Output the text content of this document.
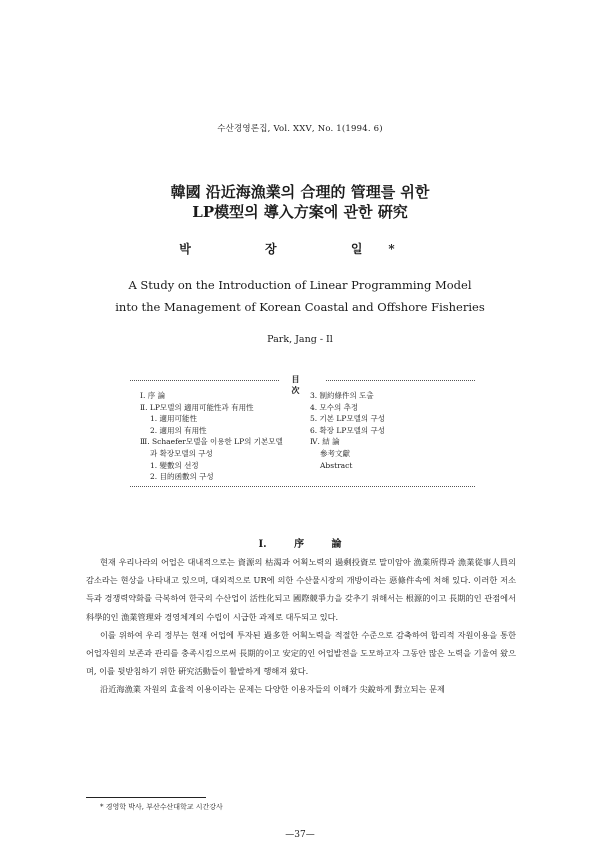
수산경영론집, Vol. ⅩⅩⅤ, No. 1(1994. 6)
韓國 沿近海漁業의 合理的 管理를 위한
LP模型의 導入方案에 관한 硏究
박 장 일*
A Study on the Introduction of Linear Programming Model
into the Management of Korean Coastal and Offshore Fisheries
Park, Jang - Il
目 次
Ⅰ. 序 論
Ⅱ. LP모델의 適用可能性과 有用性
1. 適用可能性
2. 適用의 有用性
Ⅲ. Schaefer모델을 이용한 LP의 기본모델
과 확장모델의 구성
1. 變數의 선정
2. 目的函數의 구성
3. 制約條件의 도출
4. 모수의 추정
5. 기본 LP모델의 구성
6. 확장 LP모델의 구성
Ⅳ. 結 論
參考文獻
Abstract
Ⅰ. 序 論

현재 우리나라의 어업은 대내적으로는 資源의 枯渴과 어획노력의 過剩投資로 말미암아 漁業所得과 漁業從事人員의 감소라는 현상을 나타내고 있으며, 대외적으로 UR에 의한 수산물시장의 개방이라는 惡條件속에 처해 있다. 이러한 저소득과 경쟁력약화를 극복하여 한국의 수산업이 活性化되고 國際競爭力을 갖추기 위해서는 根源的이고 長期的인 관점에서 科學的인 漁業管理와 경영체계의 수립이 시급한 과제로 대두되고 있다.

이를 위하여 우리 정부는 현재 어업에 투자된 過多한 어획노력을 적절한 수준으로 감축하여 합리적 자원이용을 통한 어업자원의 보존과 관리를 충족시킴으로써 長期的이고 安定的인 어업발전을 도모하고자 그동안 많은 노력을 기울여 왔으며, 이를 뒷받침하기 위한 硏究活動들이 활발하게 행해져 왔다.

沿近海漁業 자원의 효율적 이용이라는 문제는 다양한 이용자들의 이해가 尖銳하게 對立되는 문제

* 경영학 박사, 부산수산대학교 시간강사
—37—
